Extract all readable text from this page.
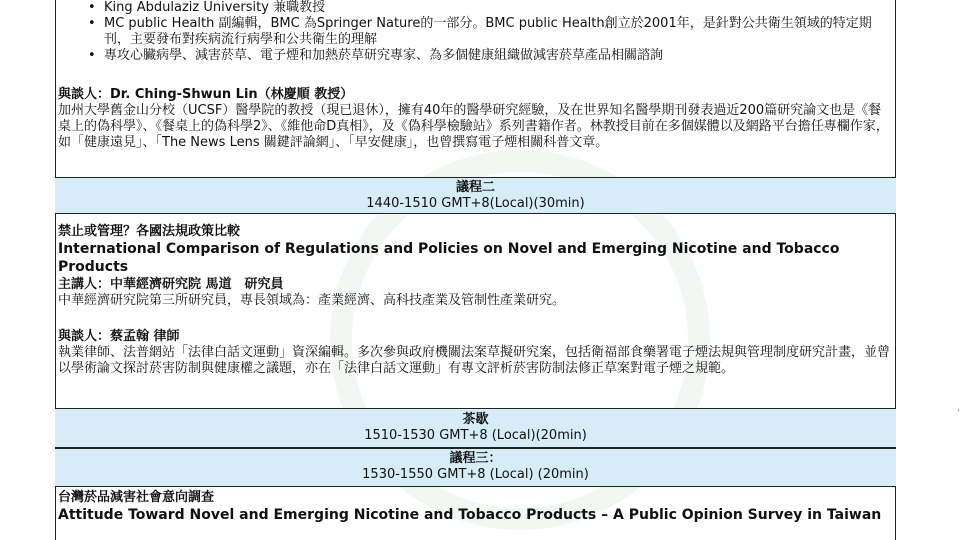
• King Abdulaziz University 兼職教授
• MC public Health 副編輯，BMC 為Springer Nature的一部分。BMC public Health創立於2001年，是針對公共衛生領域的特定期刊，主要發布對疾病流行病學和公共衛生的理解
• 專攻心臟病學、減害菸草、電子煙和加熱菸草研究專家、為多個健康組織做減害菸草產品相關諮詢
與談人：Dr. Ching-Shwun Lin（林慶順 教授）
加州大學舊金山分校（UCSF）醫學院的教授（現已退休），擁有40年的醫學研究經驗，及在世界知名醫學期刊發表過近200篇研究論文也是《餐桌上的偽科學》、《餐桌上的偽科學2》、《維他命D真相》，及《偽科學檢驗站》系列書籍作者。林教授目前在多個媒體以及網路平台擔任專欄作家，如「健康遠見」、「The News Lens 關鍵評論網」、「早安健康」，也曾撰寫電子煙相關科普文章。
議程二
1440-1510 GMT+8(Local)(30min)
禁止或管理？各國法規政策比較
International Comparison of Regulations and Policies on Novel and Emerging Nicotine and Tobacco Products
主講人：中華經濟研究院 馬道　研究員
中華經濟研究院第三所研究員，專長領域為：產業經濟、高科技產業及管制性產業研究。
與談人：蔡孟翰 律師
執業律師、法普網站「法律白話文運動」資深編輯。多次參與政府機關法案草擬研究案，包括衛福部食藥署電子煙法規與管理制度研究計畫，並曾以學術論文探討菸害防制與健康權之議題，亦在「法律白話文運動」有專文評析菸害防制法修正草案對電子煙之規範。
茶歇
1510-1530 GMT+8 (Local)(20min)
議程三：
1530-1550 GMT+8 (Local) (20min)
台灣菸品減害社會意向調查
Attitude Toward Novel and Emerging Nicotine and Tobacco Products – A Public Opinion Survey in Taiwan
‘
